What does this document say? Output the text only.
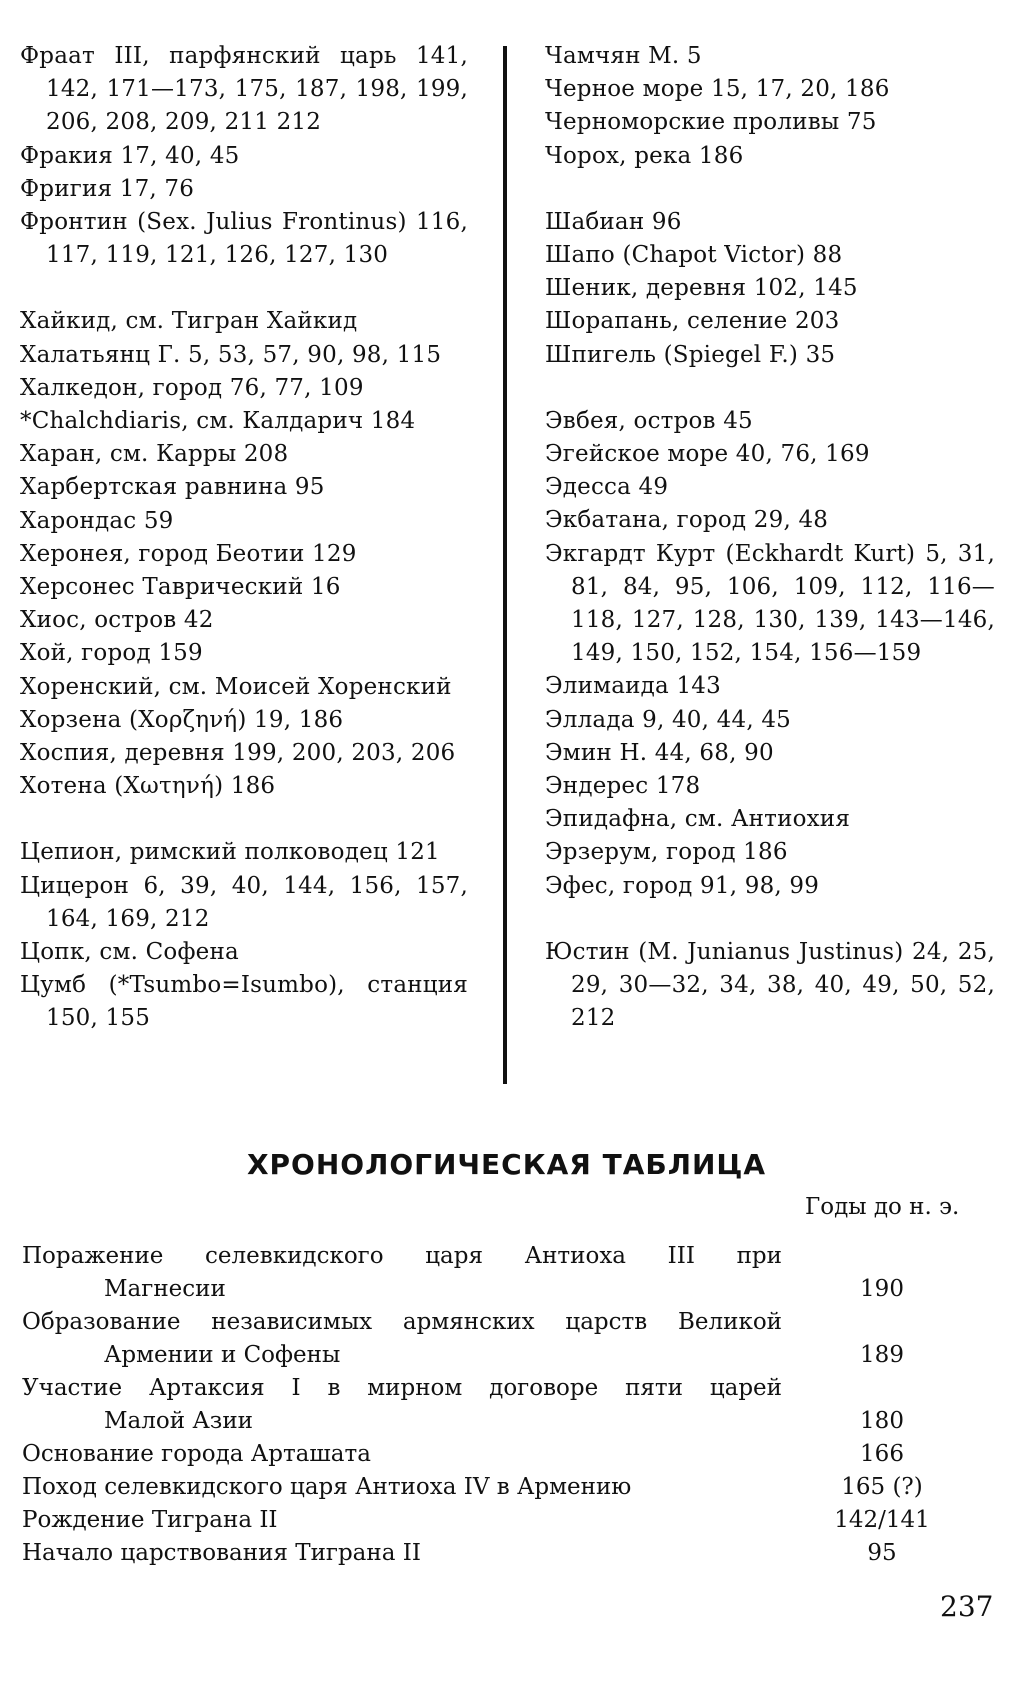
Фраат III, парфянский царь 141, 142, 171—173, 175, 187, 198, 199, 206, 208, 209, 211 212
Фракия 17, 40, 45
Фригия 17, 76
Фронтин (Sex. Julius Frontinus) 116, 117, 119, 121, 126, 127, 130
Хайкид, см. Тигран Хайкид
Халатьянц Г. 5, 53, 57, 90, 98, 115
Халкедон, город 76, 77, 109
*Chalchdiaris, см. Калдарич 184
Харан, см. Карры 208
Харбертская равнина 95
Харондас 59
Херонея, город Беотии 129
Херсонес Таврический 16
Хиос, остров 42
Хой, город 159
Хоренский, см. Моисей Хоренский
Хорзена (Χορζηνή) 19, 186
Хоспия, деревня 199, 200, 203, 206
Хотена (Χωτηνή) 186
Цепион, римский полководец 121
Цицерон 6, 39, 40, 144, 156, 157, 164, 169, 212
Цопк, см. Софена
Цумб (*Tsumbo=Isumbo), станция 150, 155
Чамчян М. 5
Черное море 15, 17, 20, 186
Черноморские проливы 75
Чорох, река 186
Шабиан 96
Шапо (Chapot Victor) 88
Шеник, деревня 102, 145
Шорапань, селение 203
Шпигель (Spiegel F.) 35
Эвбея, остров 45
Эгейское море 40, 76, 169
Эдесса 49
Экбатана, город 29, 48
Экгардт Курт (Eckhardt Kurt) 5, 31, 81, 84, 95, 106, 109, 112, 116—118, 127, 128, 130, 139, 143—146, 149, 150, 152, 154, 156—159
Элимаида 143
Эллада 9, 40, 44, 45
Эмин Н. 44, 68, 90
Эндерес 178
Эпидафна, см. Антиохия
Эрзерум, город 186
Эфес, город 91, 98, 99
Юстин (M. Junianus Justinus) 24, 25, 29, 30—32, 34, 38, 40, 49, 50, 52, 212
ХРОНОЛОГИЧЕСКАЯ ТАБЛИЦА
Годы до н. э.
Поражение селевкидского царя Антиоха III при
Магнесии	190
Образование независимых армянских царств Великой
Армении и Софены	189
Участие Артаксия I в мирном договоре пяти царей
Малой Азии	180
Основание города Арташата	166
Поход селевкидского царя Антиоха IV в Армению	165 (?)
Рождение Тиграна II	142/141
Начало царствования Тиграна II	95
237
